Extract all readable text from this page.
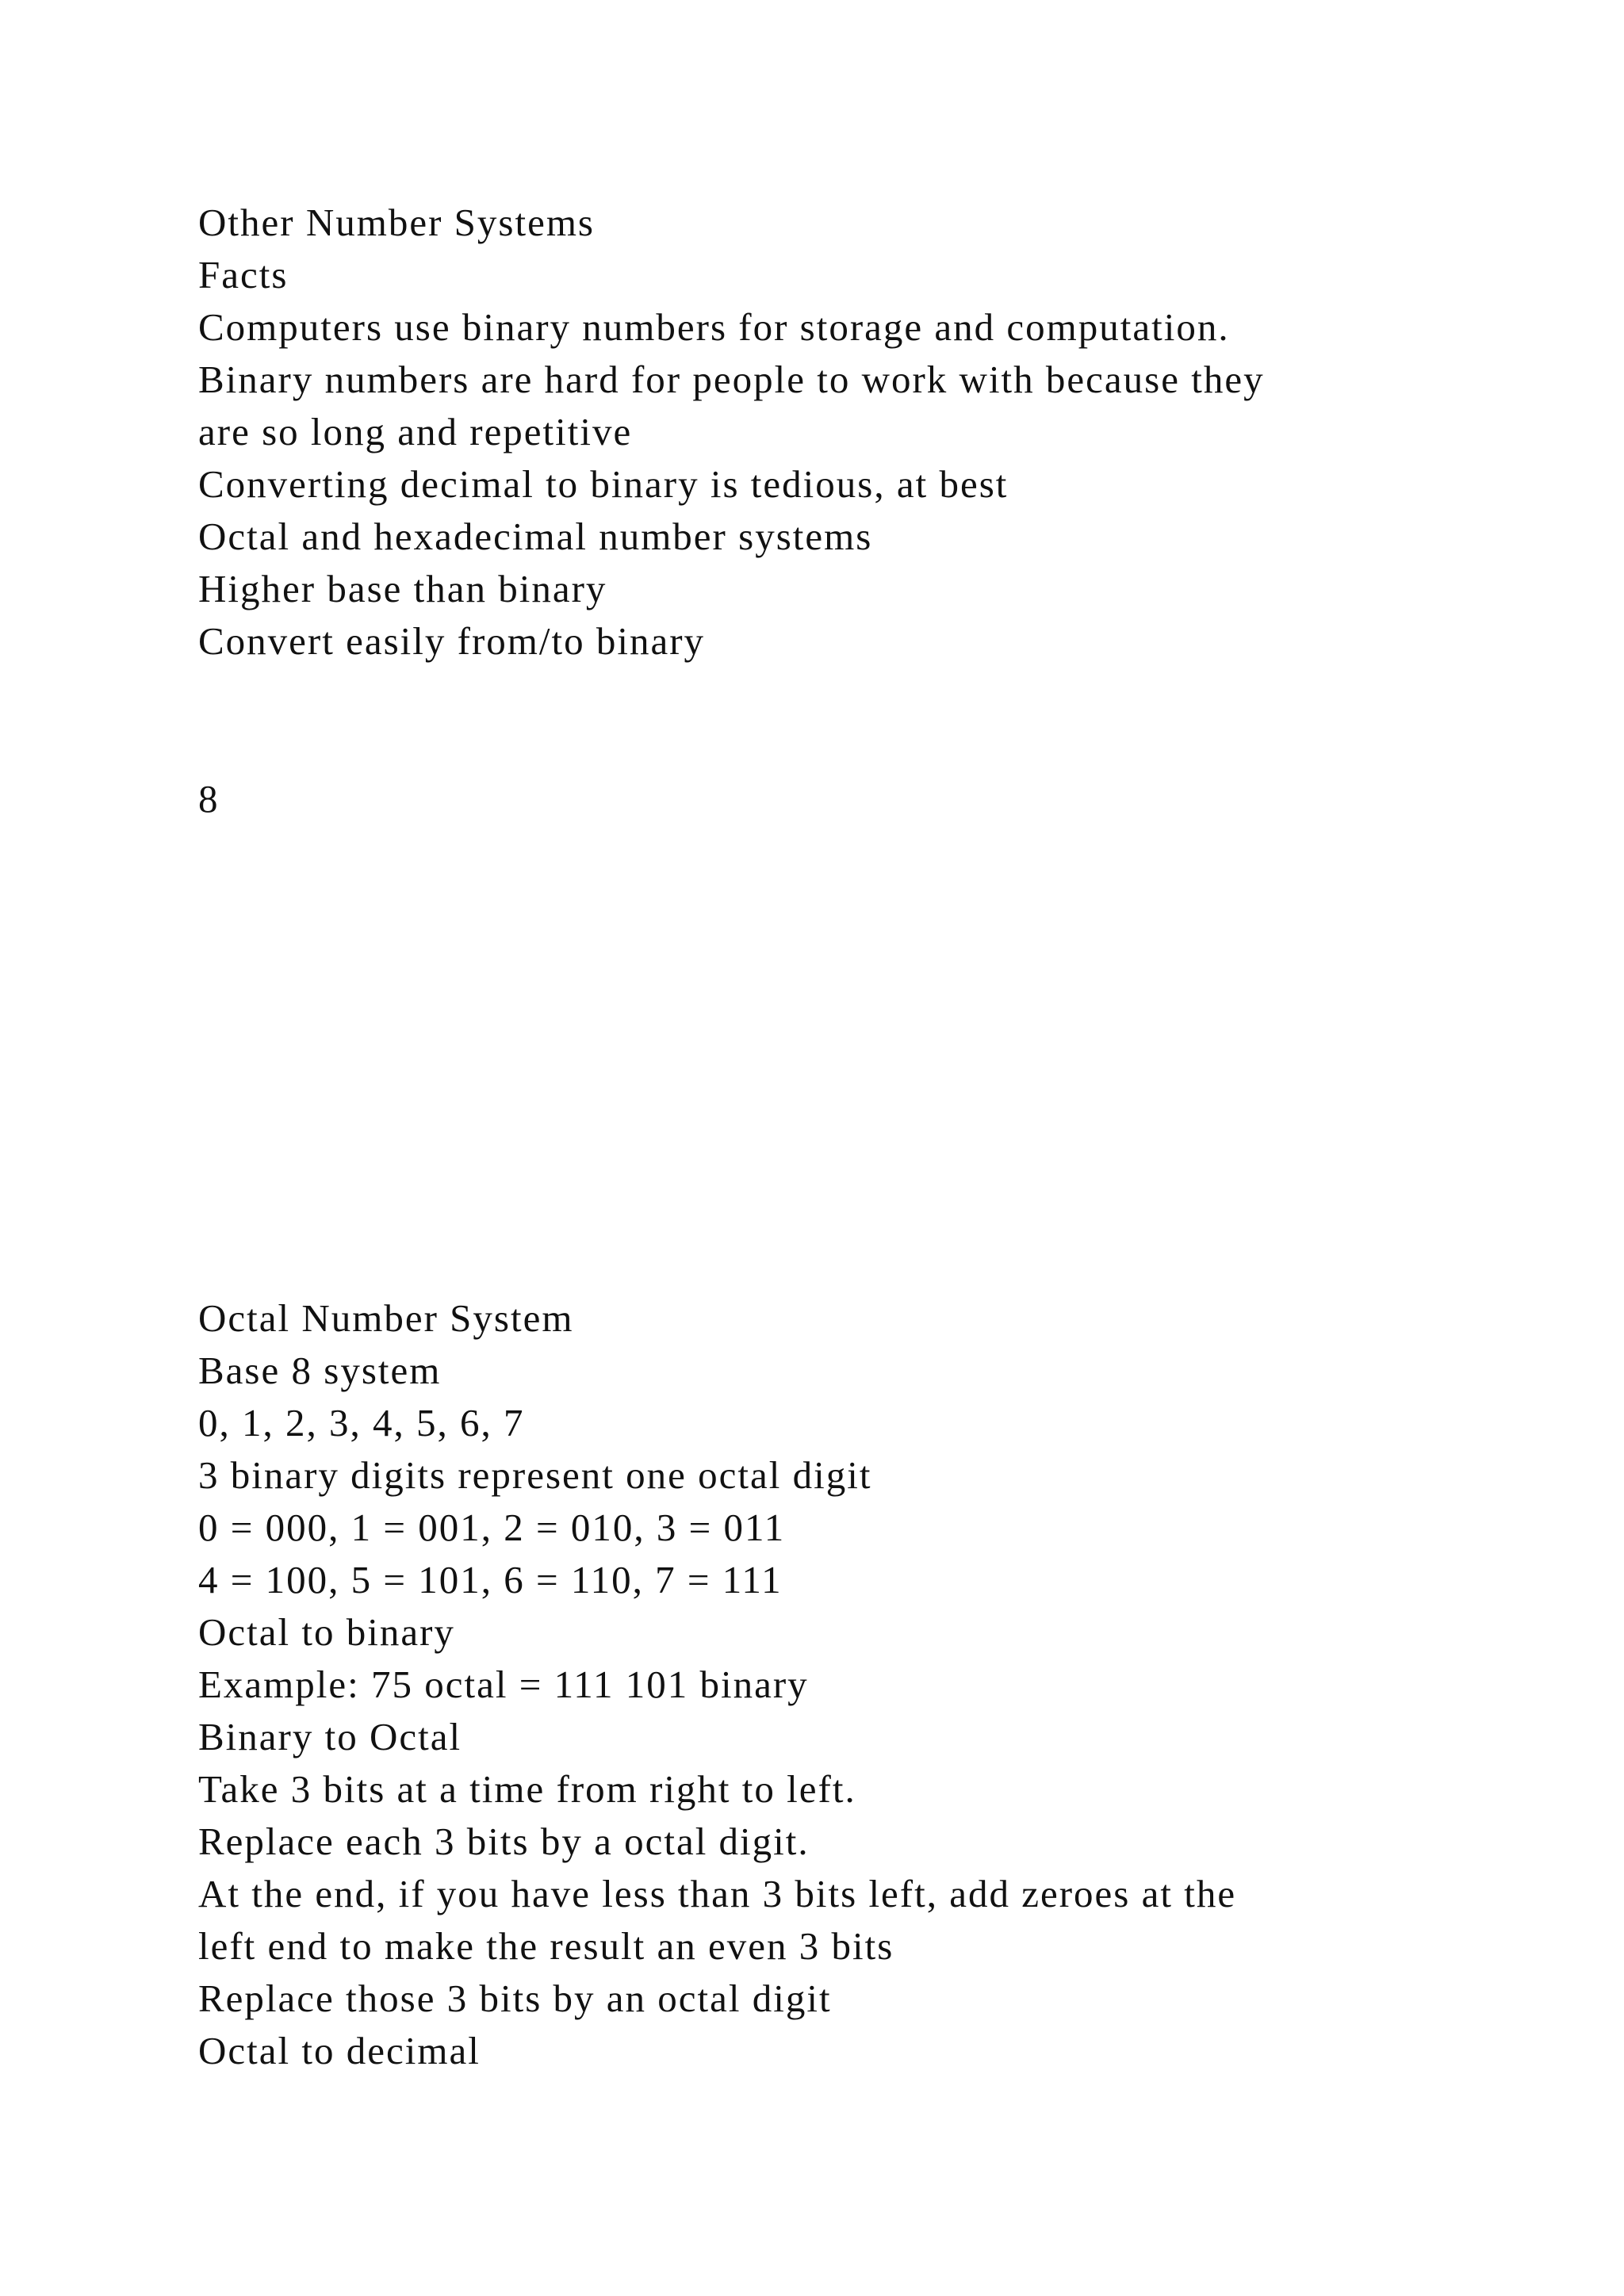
Other Number Systems
Facts
Computers use binary numbers for storage and computation.
Binary numbers are hard for people to work with because they
are so long and repetitive
Converting decimal to binary is tedious, at best
Octal and hexadecimal number systems
Higher base than binary
Convert easily from/to binary
8
Octal Number System
Base 8 system
0, 1, 2, 3, 4, 5, 6, 7
3 binary digits represent one octal digit
0 = 000, 1 = 001, 2 = 010, 3 = 011
4 = 100, 5 = 101, 6 = 110, 7 = 111
Octal to binary
Example: 75 octal = 111 101 binary
Binary to Octal
Take 3 bits at a time from right to left.
Replace each 3 bits by a octal digit.
At the end, if you have less than 3 bits left, add zeroes at the
left end to make the result an even 3 bits
Replace those 3 bits by an octal digit
Octal to decimal
